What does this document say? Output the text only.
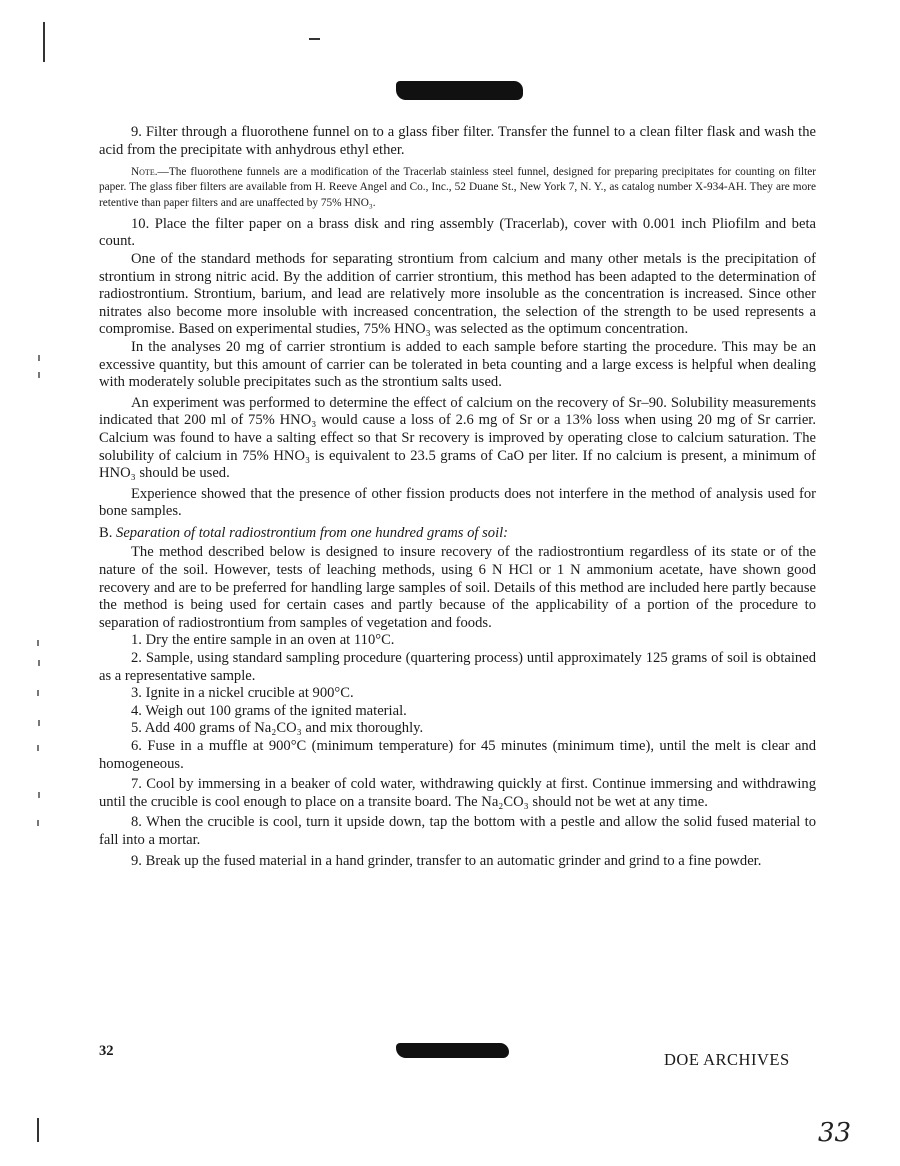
9. Filter through a fluorothene funnel on to a glass fiber filter. Transfer the funnel to a clean filter flask and wash the acid from the precipitate with anhydrous ethyl ether.

Note.—The fluorothene funnels are a modification of the Tracerlab stainless steel funnel, designed for preparing precipitates for counting on filter paper. The glass fiber filters are available from H. Reeve Angel and Co., Inc., 52 Duane St., New York 7, N. Y., as catalog number X-934-AH. They are more retentive than paper filters and are unaffected by 75% HNO₃.

10. Place the filter paper on a brass disk and ring assembly (Tracerlab), cover with 0.001 inch Pliofilm and beta count.

One of the standard methods for separating strontium from calcium and many other metals is the precipitation of strontium in strong nitric acid. By the addition of carrier strontium, this method has been adapted to the determination of radiostrontium. Strontium, barium, and lead are relatively more insoluble as the concentration is increased. Since other nitrates also become more insoluble with increased concentration, the selection of the strength to be used represents a compromise. Based on experimental studies, 75% HNO₃ was selected as the optimum concentration.

In the analyses 20 mg of carrier strontium is added to each sample before starting the procedure. This may be an excessive quantity, but this amount of carrier can be tolerated in beta counting and a large excess is helpful when dealing with moderately soluble precipitates such as the strontium salts used.

An experiment was performed to determine the effect of calcium on the recovery of Sr–90. Solubility measurements indicated that 200 ml of 75% HNO₃ would cause a loss of 2.6 mg of Sr or a 13% loss when using 20 mg of Sr carrier. Calcium was found to have a salting effect so that Sr recovery is improved by operating close to calcium saturation. The solubility of calcium in 75% HNO₃ is equivalent to 23.5 grams of CaO per liter. If no calcium is present, a minimum of HNO₃ should be used.

Experience showed that the presence of other fission products does not interfere in the method of analysis used for bone samples.

B. Separation of total radiostrontium from one hundred grams of soil:

The method described below is designed to insure recovery of the radiostrontium regardless of its state or of the nature of the soil. However, tests of leaching methods, using 6 N HCl or 1 N ammonium acetate, have shown good recovery and are to be preferred for handling large samples of soil. Details of this method are included here partly because the method is being used for certain cases and partly because of the applicability of a portion of the procedure to separation of radiostrontium from samples of vegetation and foods.

1. Dry the entire sample in an oven at 110°C.

2. Sample, using standard sampling procedure (quartering process) until approximately 125 grams of soil is obtained as a representative sample.

3. Ignite in a nickel crucible at 900°C.

4. Weigh out 100 grams of the ignited material.

5. Add 400 grams of Na₂CO₃ and mix thoroughly.

6. Fuse in a muffle at 900°C (minimum temperature) for 45 minutes (minimum time), until the melt is clear and homogeneous.

7. Cool by immersing in a beaker of cold water, withdrawing quickly at first. Continue immersing and withdrawing until the crucible is cool enough to place on a transite board. The Na₂CO₃ should not be wet at any time.

8. When the crucible is cool, turn it upside down, tap the bottom with a pestle and allow the solid fused material to fall into a mortar.

9. Break up the fused material in a hand grinder, transfer to an automatic grinder and grind to a fine powder.

32	DOE ARCHIVES
33
